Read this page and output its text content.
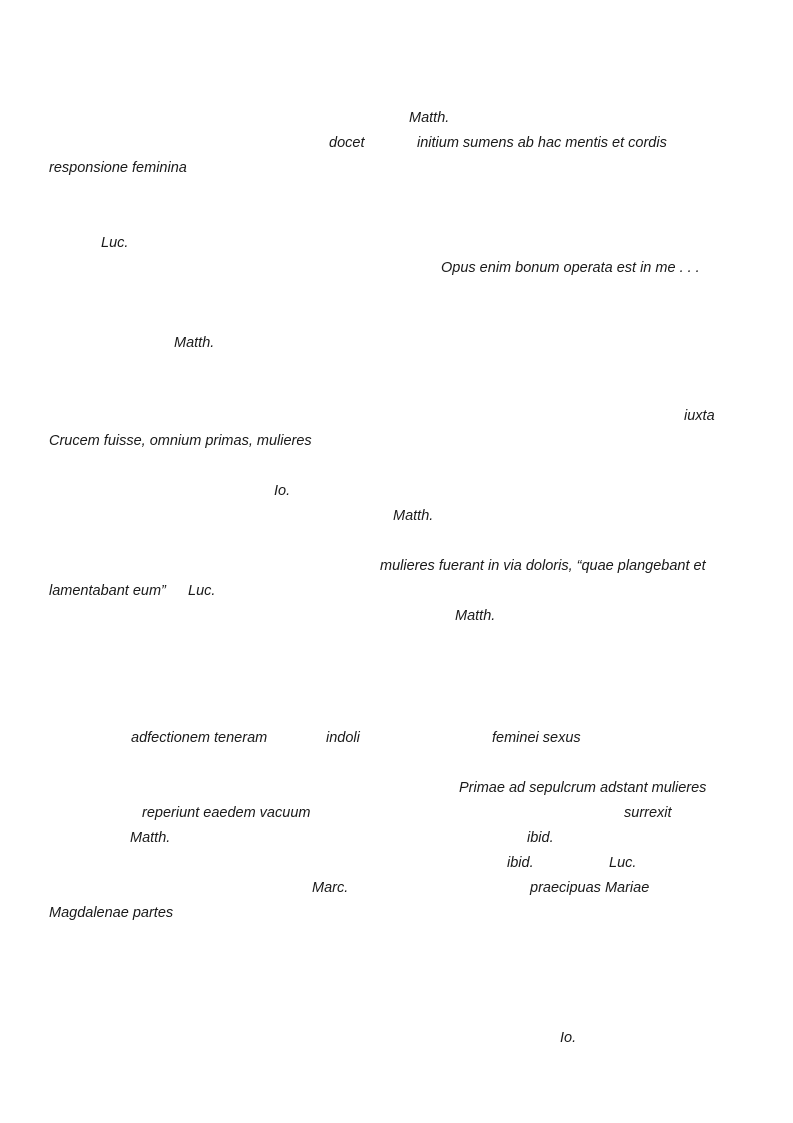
Matth.
docet	initium sumens ab hac mentis et cordis
responsione feminina
Luc.
Opus enim bonum operata est in me . . .
Matth.
iuxta
Crucem fuisse, omnium primas, mulieres
Io.
Matth.
mulieres fuerant in via doloris, “quae plangebant et
lamentabant eum” Luc.
Matth.
adfectionem teneram	indoli	feminei sexus
Primae ad sepulcrum adstant mulieres
reperiunt eaedem vacuum	surrexit
Matth.	ibid.
ibid.	Luc.
Marc.	praecipuas Mariae
Magdalenae partes
Io.
